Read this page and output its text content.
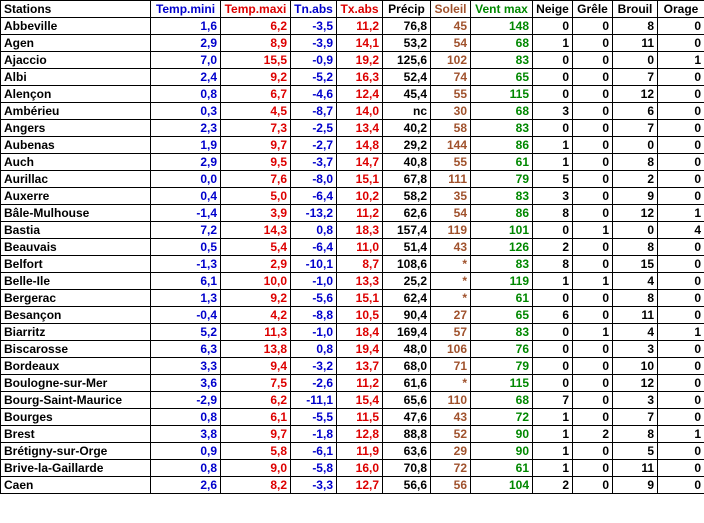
Stations	Temp.mini	Temp.maxi	Tn.abs	Tx.abs	Précip	Soleil	Vent max	Neige	Grêle	Brouil	Orage
Abbeville	1,6	6,2	-3,5	11,2	76,8	45	148	0	0	8	0
Agen	2,9	8,9	-3,9	14,1	53,2	54	68	1	0	11	0
Ajaccio	7,0	15,5	-0,9	19,2	125,6	102	83	0	0	0	1
Albi	2,4	9,2	-5,2	16,3	52,4	74	65	0	0	7	0
Alençon	0,8	6,7	-4,6	12,4	45,4	55	115	0	0	12	0
Ambérieu	0,3	4,5	-8,7	14,0	nc	30	68	3	0	6	0
Angers	2,3	7,3	-2,5	13,4	40,2	58	83	0	0	7	0
Aubenas	1,9	9,7	-2,7	14,8	29,2	144	86	1	0	0	0
Auch	2,9	9,5	-3,7	14,7	40,8	55	61	1	0	8	0
Aurillac	0,0	7,6	-8,0	15,1	67,8	111	79	5	0	2	0
Auxerre	0,4	5,0	-6,4	10,2	58,2	35	83	3	0	9	0
Bâle-Mulhouse	-1,4	3,9	-13,2	11,2	62,6	54	86	8	0	12	1
Bastia	7,2	14,3	0,8	18,3	157,4	119	101	0	1	0	4
Beauvais	0,5	5,4	-6,4	11,0	51,4	43	126	2	0	8	0
Belfort	-1,3	2,9	-10,1	8,7	108,6	*	83	8	0	15	0
Belle-Ile	6,1	10,0	-1,0	13,3	25,2	*	119	1	1	4	0
Bergerac	1,3	9,2	-5,6	15,1	62,4	*	61	0	0	8	0
Besançon	-0,4	4,2	-8,8	10,5	90,4	27	65	6	0	11	0
Biarritz	5,2	11,3	-1,0	18,4	169,4	57	83	0	1	4	1
Biscarosse	6,3	13,8	0,8	19,4	48,0	106	76	0	0	3	0
Bordeaux	3,3	9,4	-3,2	13,7	68,0	71	79	0	0	10	0
Boulogne-sur-Mer	3,6	7,5	-2,6	11,2	61,6	*	115	0	0	12	0
Bourg-Saint-Maurice	-2,9	6,2	-11,1	15,4	65,6	110	68	7	0	3	0
Bourges	0,8	6,1	-5,5	11,5	47,6	43	72	1	0	7	0
Brest	3,8	9,7	-1,8	12,8	88,8	52	90	1	2	8	1
Brétigny-sur-Orge	0,9	5,8	-6,1	11,9	63,6	29	90	1	0	5	0
Brive-la-Gaillarde	0,8	9,0	-5,8	16,0	70,8	72	61	1	0	11	0
Caen	2,6	8,2	-3,3	12,7	56,6	56	104	2	0	9	0
